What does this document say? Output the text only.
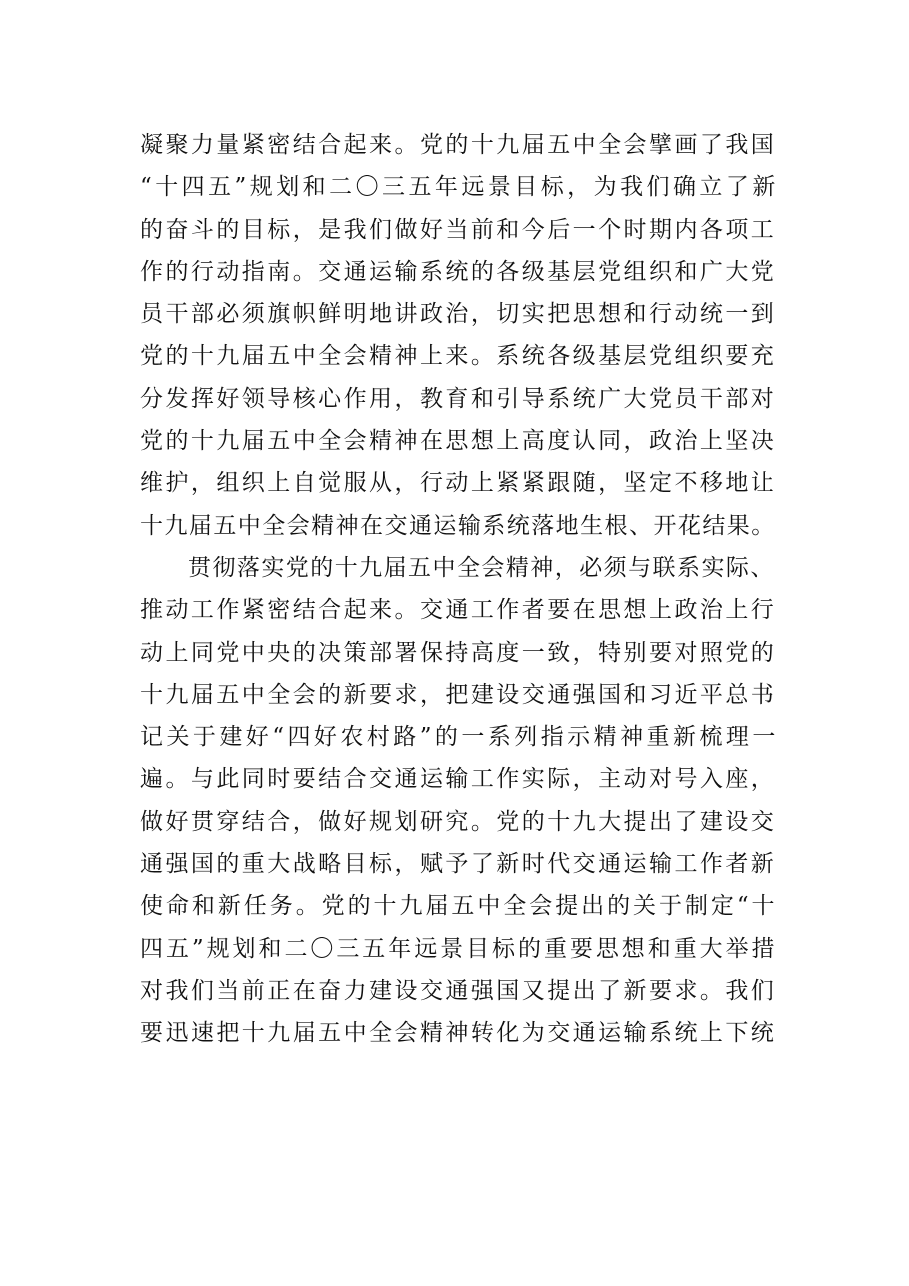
凝聚力量紧密结合起来。党的十九届五中全会擘画了我国
“十四五”规划和二〇三五年远景目标，为我们确立了新
的奋斗的目标，是我们做好当前和今后一个时期内各项工
作的行动指南。交通运输系统的各级基层党组织和广大党
员干部必须旗帜鲜明地讲政治，切实把思想和行动统一到
党的十九届五中全会精神上来。系统各级基层党组织要充
分发挥好领导核心作用，教育和引导系统广大党员干部对
党的十九届五中全会精神在思想上高度认同，政治上坚决
维护，组织上自觉服从，行动上紧紧跟随，坚定不移地让
十九届五中全会精神在交通运输系统落地生根、开花结果。
贯彻落实党的十九届五中全会精神，必须与联系实际、
推动工作紧密结合起来。交通工作者要在思想上政治上行
动上同党中央的决策部署保持高度一致，特别要对照党的
十九届五中全会的新要求，把建设交通强国和习近平总书
记关于建好“四好农村路”的一系列指示精神重新梳理一
遍。与此同时要结合交通运输工作实际，主动对号入座，
做好贯穿结合，做好规划研究。党的十九大提出了建设交
通强国的重大战略目标，赋予了新时代交通运输工作者新
使命和新任务。党的十九届五中全会提出的关于制定“十
四五”规划和二〇三五年远景目标的重要思想和重大举措
对我们当前正在奋力建设交通强国又提出了新要求。我们
要迅速把十九届五中全会精神转化为交通运输系统上下统
